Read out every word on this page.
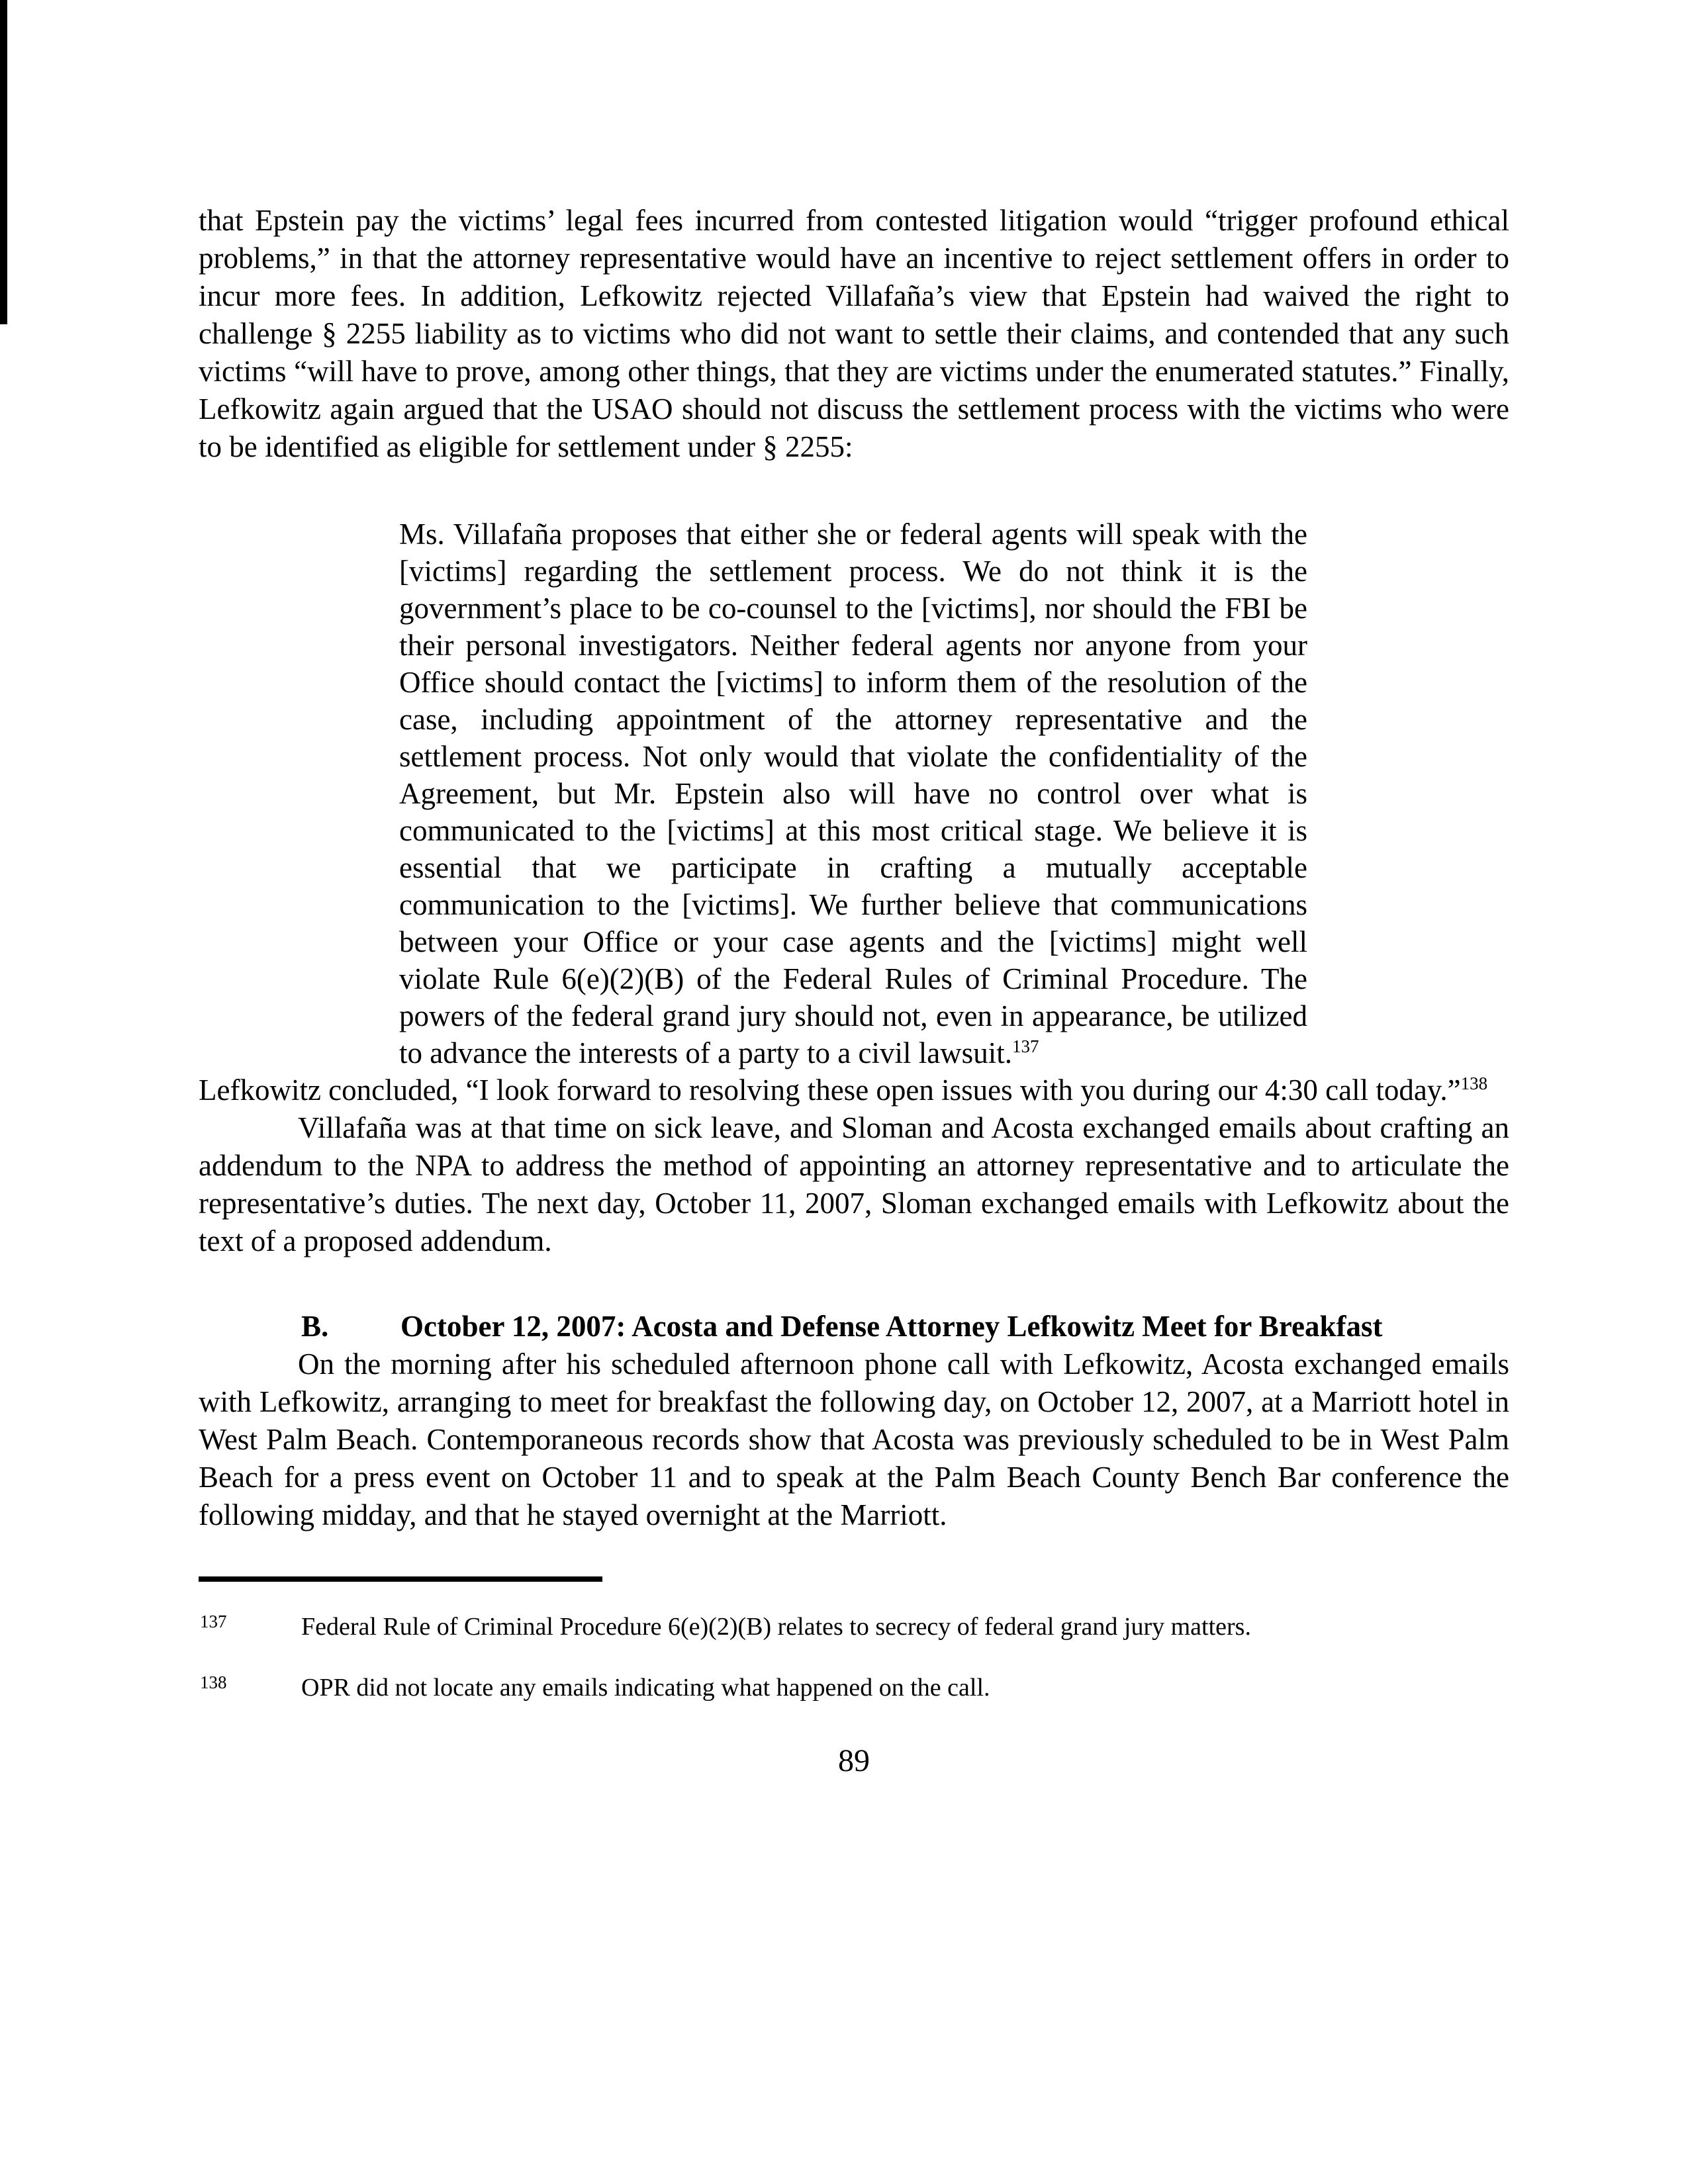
that Epstein pay the victims’ legal fees incurred from contested litigation would “trigger profound ethical problems,” in that the attorney representative would have an incentive to reject settlement offers in order to incur more fees. In addition, Lefkowitz rejected Villafaña’s view that Epstein had waived the right to challenge § 2255 liability as to victims who did not want to settle their claims, and contended that any such victims “will have to prove, among other things, that they are victims under the enumerated statutes.” Finally, Lefkowitz again argued that the USAO should not discuss the settlement process with the victims who were to be identified as eligible for settlement under § 2255:

Ms. Villafaña proposes that either she or federal agents will speak with the [victims] regarding the settlement process. We do not think it is the government’s place to be co-counsel to the [victims], nor should the FBI be their personal investigators. Neither federal agents nor anyone from your Office should contact the [victims] to inform them of the resolution of the case, including appointment of the attorney representative and the settlement process. Not only would that violate the confidentiality of the Agreement, but Mr. Epstein also will have no control over what is communicated to the [victims] at this most critical stage. We believe it is essential that we participate in crafting a mutually acceptable communication to the [victims]. We further believe that communications between your Office or your case agents and the [victims] might well violate Rule 6(e)(2)(B) of the Federal Rules of Criminal Procedure. The powers of the federal grand jury should not, even in appearance, be utilized to advance the interests of a party to a civil lawsuit.$^{137}$

Lefkowitz concluded, “I look forward to resolving these open issues with you during our 4:30 call today.”$^{138}$

Villafaña was at that time on sick leave, and Sloman and Acosta exchanged emails about crafting an addendum to the NPA to address the method of appointing an attorney representative and to articulate the representative’s duties. The next day, October 11, 2007, Sloman exchanged emails with Lefkowitz about the text of a proposed addendum.

B. October 12, 2007: Acosta and Defense Attorney Lefkowitz Meet for Breakfast

On the morning after his scheduled afternoon phone call with Lefkowitz, Acosta exchanged emails with Lefkowitz, arranging to meet for breakfast the following day, on October 12, 2007, at a Marriott hotel in West Palm Beach. Contemporaneous records show that Acosta was previously scheduled to be in West Palm Beach for a press event on October 11 and to speak at the Palm Beach County Bench Bar conference the following midday, and that he stayed overnight at the Marriott.

137	Federal Rule of Criminal Procedure 6(e)(2)(B) relates to secrecy of federal grand jury matters.
138	OPR did not locate any emails indicating what happened on the call.
89
